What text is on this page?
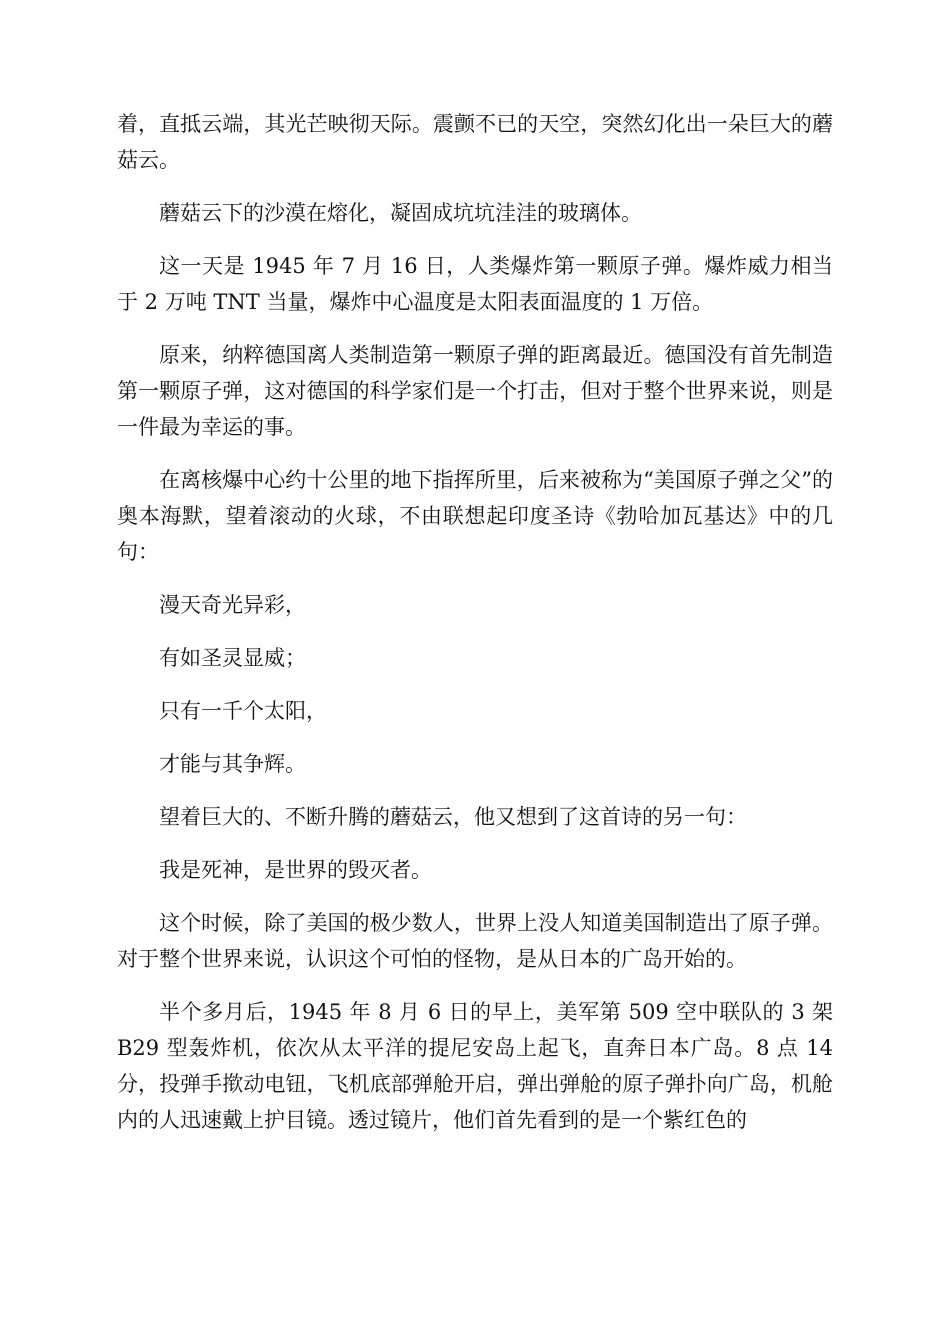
着，直抵云端，其光芒映彻天际。震颤不已的天空，突然幻化出一朵巨大的蘑菇云。

蘑菇云下的沙漠在熔化，凝固成坑坑洼洼的玻璃体。

这一天是 1945 年 7 月 16 日，人类爆炸第一颗原子弹。爆炸威力相当于 2 万吨 TNT 当量，爆炸中心温度是太阳表面温度的 1 万倍。

原来，纳粹德国离人类制造第一颗原子弹的距离最近。德国没有首先制造第一颗原子弹，这对德国的科学家们是一个打击，但对于整个世界来说，则是一件最为幸运的事。

在离核爆中心约十公里的地下指挥所里，后来被称为“美国原子弹之父”的奥本海默，望着滚动的火球，不由联想起印度圣诗《勃哈加瓦基达》中的几句：

漫天奇光异彩，

有如圣灵显威；

只有一千个太阳，

才能与其争辉。

望着巨大的、不断升腾的蘑菇云，他又想到了这首诗的另一句：

我是死神，是世界的毁灭者。

这个时候，除了美国的极少数人，世界上没人知道美国制造出了原子弹。对于整个世界来说，认识这个可怕的怪物，是从日本的广岛开始的。

半个多月后，1945 年 8 月 6 日的早上，美军第 509 空中联队的 3 架 B29 型轰炸机，依次从太平洋的提尼安岛上起飞，直奔日本广岛。8 点 14 分，投弹手揿动电钮，飞机底部弹舱开启，弹出弹舱的原子弹扑向广岛，机舱内的人迅速戴上护目镜。透过镜片，他们首先看到的是一个紫红色的
